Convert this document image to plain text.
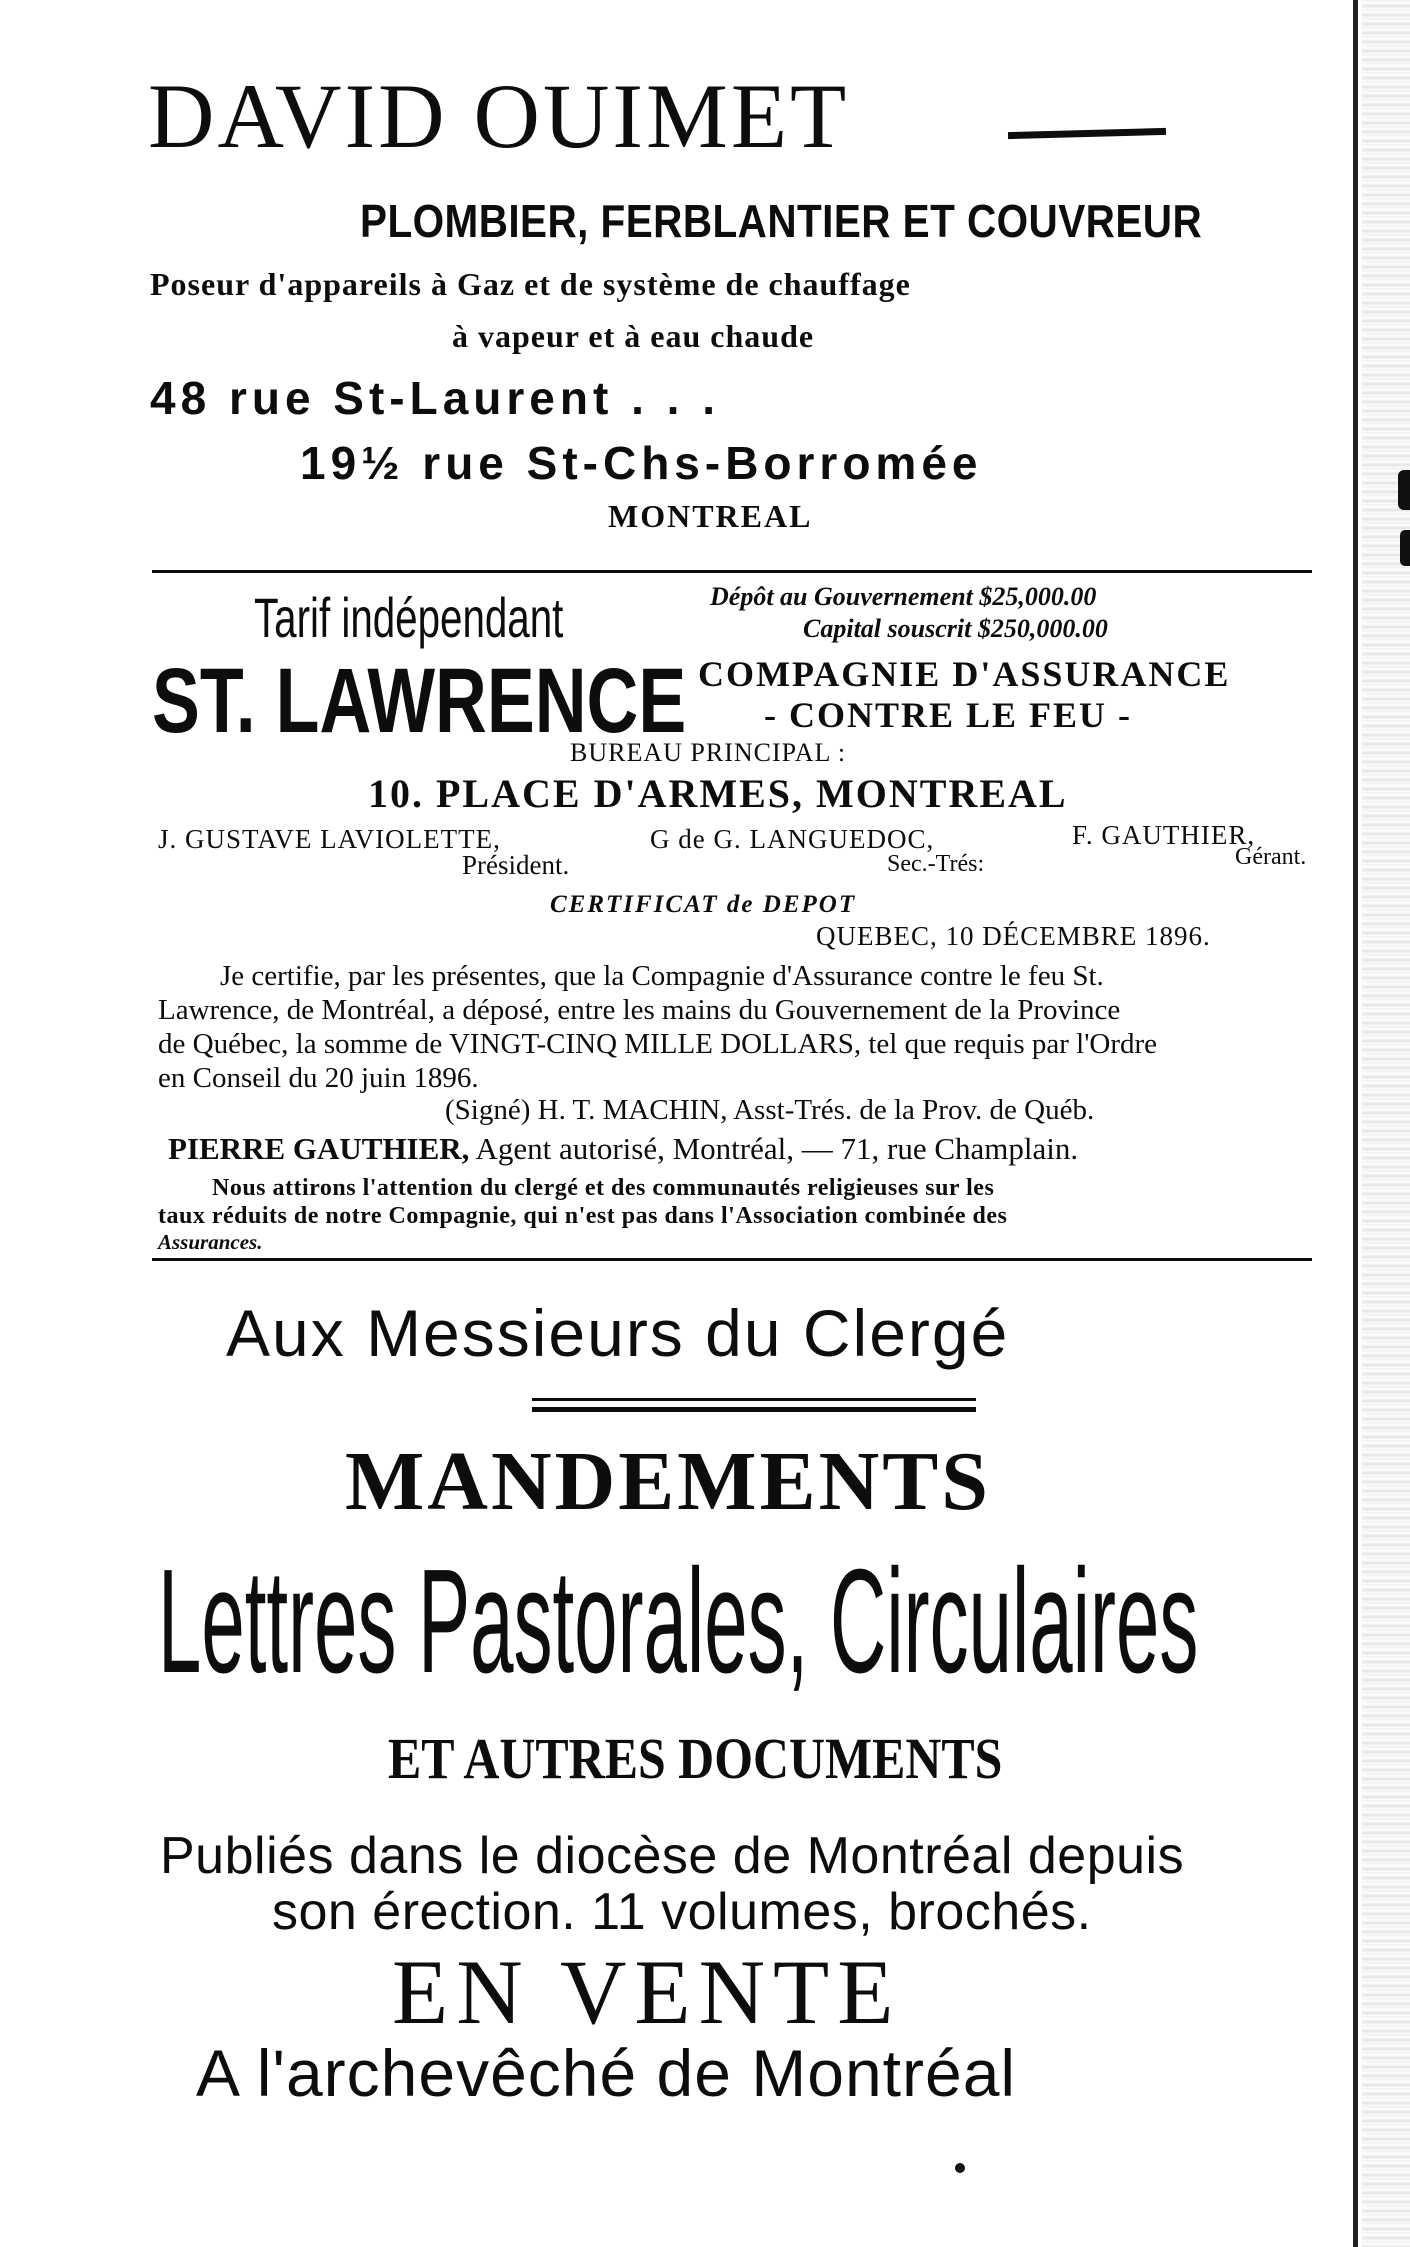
DAVID OUIMET
PLOMBIER, FERBLANTIER ET COUVREUR
Poseur d'appareils à Gaz et de système de chauffage
à vapeur et à eau chaude
48 rue St-Laurent . . .
19½ rue St-Chs-Borromée
MONTREAL
Tarif indépendant	Dépôt au Gouvernement $25,000.00
Capital souscrit $250,000.00
ST. LAWRENCE COMPAGNIE D'ASSURANCE
- CONTRE LE FEU -
BUREAU PRINCIPAL :
10. PLACE D'ARMES, MONTREAL
J. GUSTAVE LAVIOLETTE,
Président.
G de G. LANGUEDOC,
Sec.-Trés:
F. GAUTHIER,
Gérant.
CERTIFICAT de DEPOT
QUEBEC, 10 DÉCEMBRE 1896.
Je certifie, par les présentes, que la Compagnie d'Assurance contre le feu St.
Lawrence, de Montréal, a déposé, entre les mains du Gouvernement de la Province
de Québec, la somme de VINGT-CINQ MILLE DOLLARS, tel que requis par l'Ordre
en Conseil du 20 juin 1896.
(Signé) H. T. MACHIN, Asst-Trés. de la Prov. de Québ.
PIERRE GAUTHIER, Agent autorisé, Montréal, — 71, rue Champlain.
Nous attirons l'attention du clergé et des communautés religieuses sur les
taux réduits de notre Compagnie, qui n'est pas dans l'Association combinée des
Assurances.
Aux Messieurs du Clergé
MANDEMENTS
Lettres Pastorales, Circulaires
ET AUTRES DOCUMENTS
Publiés dans le diocèse de Montréal depuis
son érection. 11 volumes, brochés.
EN VENTE
A l'archevêché de Montréal
